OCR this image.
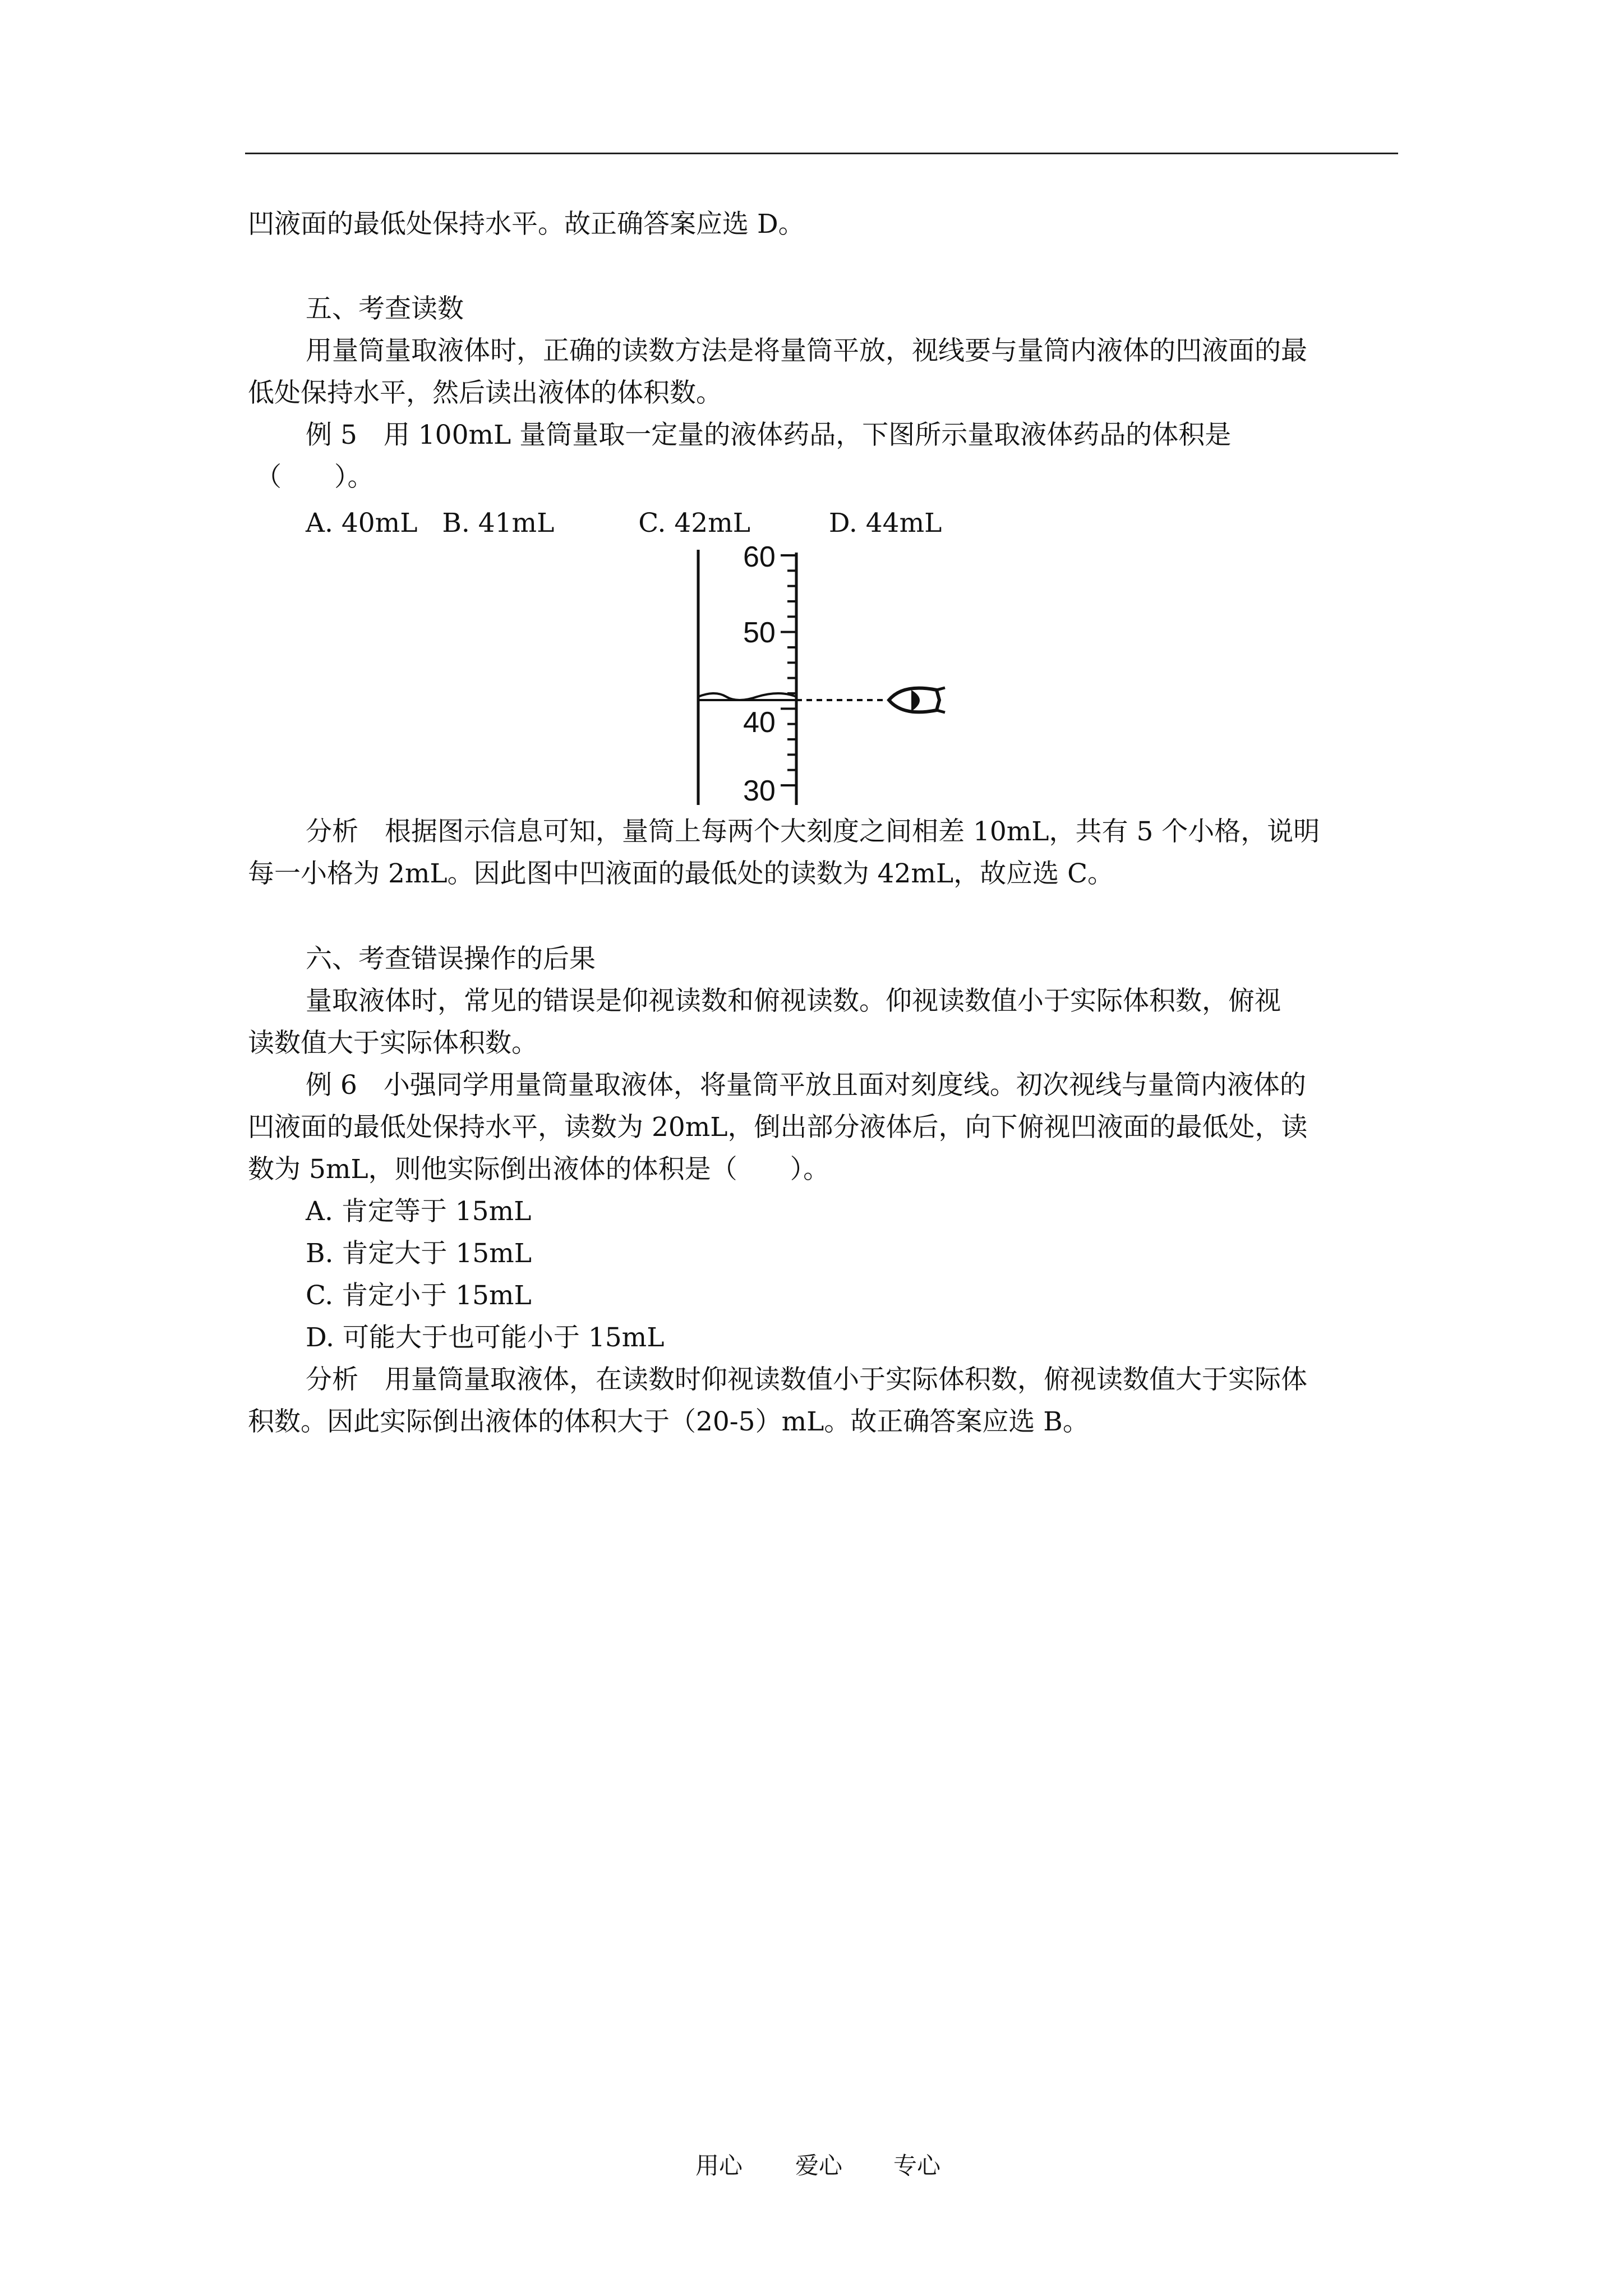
凹液面的最低处保持水平。故正确答案应选 D。
五、考查读数
用量筒量取液体时，正确的读数方法是将量筒平放，视线要与量筒内液体的凹液面的最
低处保持水平，然后读出液体的体积数。
例 5　用 100mL 量筒量取一定量的液体药品，下图所示量取液体药品的体积是
（　　）。
A. 40mL B. 41mL	C. 42mL	D. 44mL
60
50
40
30
分析　根据图示信息可知，量筒上每两个大刻度之间相差 10mL，共有 5 个小格，说明
每一小格为 2mL。因此图中凹液面的最低处的读数为 42mL，故应选 C。
六、考查错误操作的后果
量取液体时，常见的错误是仰视读数和俯视读数。仰视读数值小于实际体积数，俯视
读数值大于实际体积数。
例 6　小强同学用量筒量取液体，将量筒平放且面对刻度线。初次视线与量筒内液体的
凹液面的最低处保持水平，读数为 20mL，倒出部分液体后，向下俯视凹液面的最低处，读
数为 5mL，则他实际倒出液体的体积是（　　）。
A. 肯定等于 15mL
B. 肯定大于 15mL
C. 肯定小于 15mL
D. 可能大于也可能小于 15mL
分析　用量筒量取液体，在读数时仰视读数值小于实际体积数，俯视读数值大于实际体
积数。因此实际倒出液体的体积大于（20-5）mL。故正确答案应选 B。
用心 爱心 专心
